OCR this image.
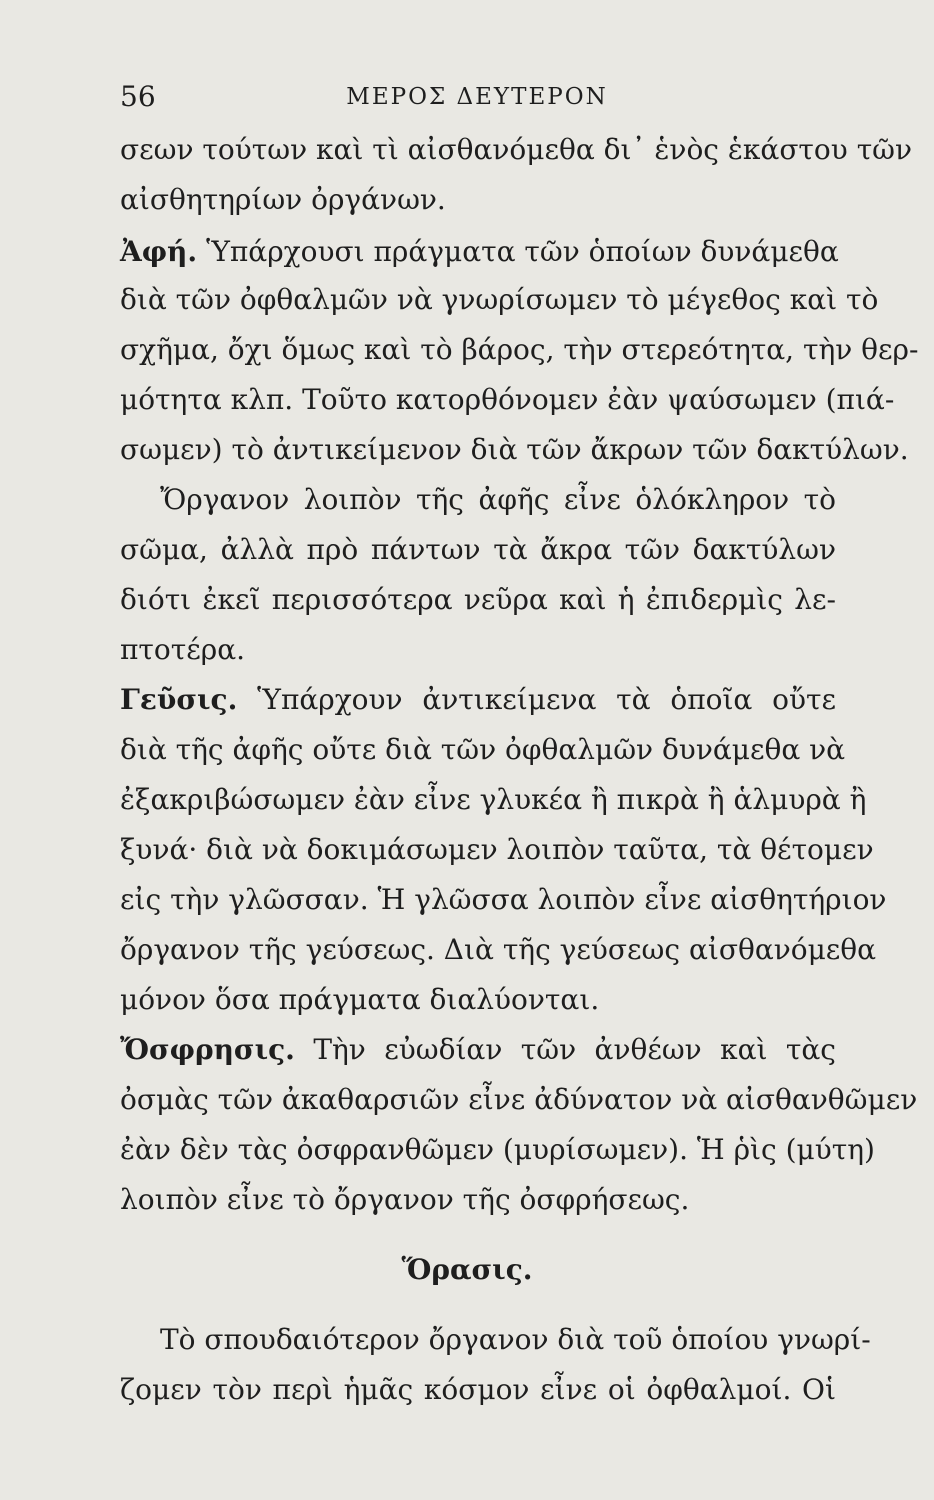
56	ΜΕΡΟΣ ΔΕΥΤΕΡΟΝ
σεων τούτων καὶ τὶ αἰσθανόμεθα δι᾽ ἑνὸς ἑκάστου τῶν
αἰσθητηρίων ὀργάνων.
Ἀφή. Ὑπάρχουσι πράγματα τῶν ὁποίων δυνάμεθα
διὰ τῶν ὀφθαλμῶν νὰ γνωρίσωμεν τὸ μέγεθος καὶ τὸ
σχῆμα, ὄχι ὅμως καὶ τὸ βάρος, τὴν στερεότητα, τὴν θερ-
μότητα κλπ. Τοῦτο κατορθόνομεν ἐὰν ψαύσωμεν (πιά-
σωμεν) τὸ ἀντικείμενον διὰ τῶν ἄκρων τῶν δακτύλων.
Ὄργανον λοιπὸν τῆς ἀφῆς εἶνε ὁλόκληρον τὸ
σῶμα, ἀλλὰ πρὸ πάντων τὰ ἄκρα τῶν δακτύλων
διότι ἐκεῖ περισσότερα νεῦρα καὶ ἡ ἐπιδερμὶς λε-
πτοτέρα.
Γεῦσις. Ὑπάρχουν ἀντικείμενα τὰ ὁποῖα οὔτε
διὰ τῆς ἀφῆς οὔτε διὰ τῶν ὀφθαλμῶν δυνάμεθα νὰ
ἐξακριβώσωμεν ἐὰν εἶνε γλυκέα ἢ πικρὰ ἢ ἁλμυρὰ ἢ
ξυνά· διὰ νὰ δοκιμάσωμεν λοιπὸν ταῦτα, τὰ θέτομεν
εἰς τὴν γλῶσσαν. Ἡ γλῶσσα λοιπὸν εἶνε αἰσθητήριον
ὄργανον τῆς γεύσεως. Διὰ τῆς γεύσεως αἰσθανόμεθα
μόνον ὅσα πράγματα διαλύονται.
Ὄσφρησις. Τὴν εὐωδίαν τῶν ἀνθέων καὶ τὰς
ὀσμὰς τῶν ἀκαθαρσιῶν εἶνε ἀδύνατον νὰ αἰσθανθῶμεν
ἐὰν δὲν τὰς ὀσφρανθῶμεν (μυρίσωμεν). Ἡ ῥὶς (μύτη)
λοιπὸν εἶνε τὸ ὄργανον τῆς ὀσφρήσεως.
Ὅρασις.
Τὸ σπουδαιότερον ὄργανον διὰ τοῦ ὁποίου γνωρί-
ζομεν τὸν περὶ ἡμᾶς κόσμον εἶνε οἱ ὀφθαλμοί. Οἱ
